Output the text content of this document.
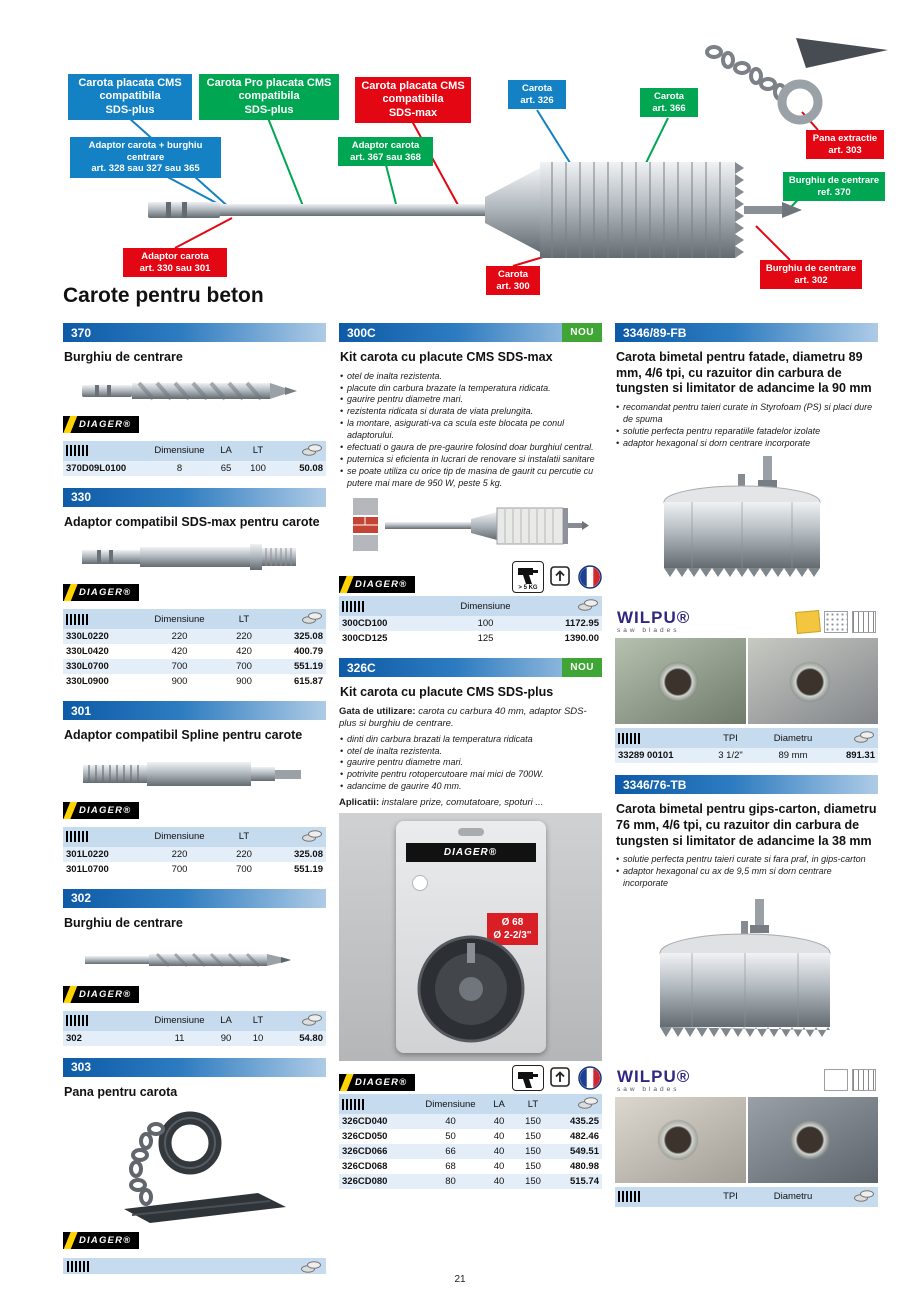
Carota placata CMS
compatibila
SDS-plus
Carota Pro placata CMS
compatibila
SDS-plus
Carota placata CMS
compatibila
SDS-max
Carota
art. 326	Carota
art. 366
Pana extractie
art. 303
Burghiu de centrare
ref. 370
Adaptor carota + burghiu centrare
art. 328 sau 327 sau 365
Adaptor carota
art. 367 sau 368
Adaptor carota
art. 330 sau 301
Carota
art. 300
Burghiu de centrare
art. 302
Carote pentru beton
370
Burghiu de centrare
DIAGER®
	Dimensiune	LA	LT	
370D09L0100	8	65	100	50.08
330
Adaptor compatibil SDS-max pentru carote
DIAGER®
	Dimensiune	LT	
330L0220	220	220	325.08
330L0420	420	420	400.79
330L0700	700	700	551.19
330L0900	900	900	615.87
301
Adaptor compatibil Spline pentru carote
DIAGER®
	Dimensiune	LT	
301L0220	220	220	325.08
301L0700	700	700	551.19
302
Burghiu de centrare
DIAGER®
	Dimensiune	LA	LT	
302	11	90	10	54.80
303
Pana pentru carota
DIAGER®
300C	NOU
Kit carota cu placute CMS SDS-max
• otel de inalta rezistenta.
• placute din carbura brazate la temperatura ridicata.
• gaurire pentru diametre mari.
• rezistenta ridicata si durata de viata prelungita.
• la montare, asigurati-va ca scula este blocata pe conul adaptorului.
• efectuati o gaura de pre-gaurire folosind doar burghiul central.
• puternica si eficienta in lucrari de renovare si instalatii sanitare
• se poate utiliza cu orice tip de masina de gaurit cu percutie cu putere mai mare de 950 W, peste 5 kg.
DIAGER®	> 5 KG
	Dimensiune	
300CD100	100	1172.95
300CD125	125	1390.00
326C	NOU
Kit carota cu placute CMS SDS-plus

Gata de utilizare: carota cu carbura 40 mm, adaptor SDS-plus si burghiu de centrare.

• dinti din carbura brazati la temperatura ridicata
• otel de inalta rezistenta.
• gaurire pentru diametre mari.
• potrivite pentru rotopercutoare mai mici de 700W.
• adancime de gaurire 40 mm.

Aplicatii: instalare prize, comutatoare, spoturi ...

DIAGER®
Ø 68
Ø 2-2/3"
DIAGER®
	Dimensiune	LA	LT	
326CD040	40	40	150	435.25
326CD050	50	40	150	482.46
326CD066	66	40	150	549.51
326CD068	68	40	150	480.98
326CD080	80	40	150	515.74
3346/89-FB
Carota bimetal pentru fatade, diametru 89 mm, 4/6 tpi, cu razuitor din carbura de tungsten si limitator de adancime la 90 mm
• recomandat pentru taieri curate in Styrofoam (PS) si placi dure de spuma
• solutie perfecta pentru reparatiile fatadelor izolate
• adaptor hexagonal si dorn centrare incorporate
WILPU®
saw blades
	TPI	Diametru	
33289 00101	3 1/2"	89 mm	891.31
3346/76-TB
Carota bimetal pentru gips-carton, diametru 76 mm, 4/6 tpi, cu razuitor din carbura de tungsten si limitator de adancime la 38 mm
• solutie perfecta pentru taieri curate si fara praf, in gips-carton
• adaptor hexagonal cu ax de 9,5 mm si dorn centrare incorporate
WILPU®
saw blades
	TPI	Diametru	
21
